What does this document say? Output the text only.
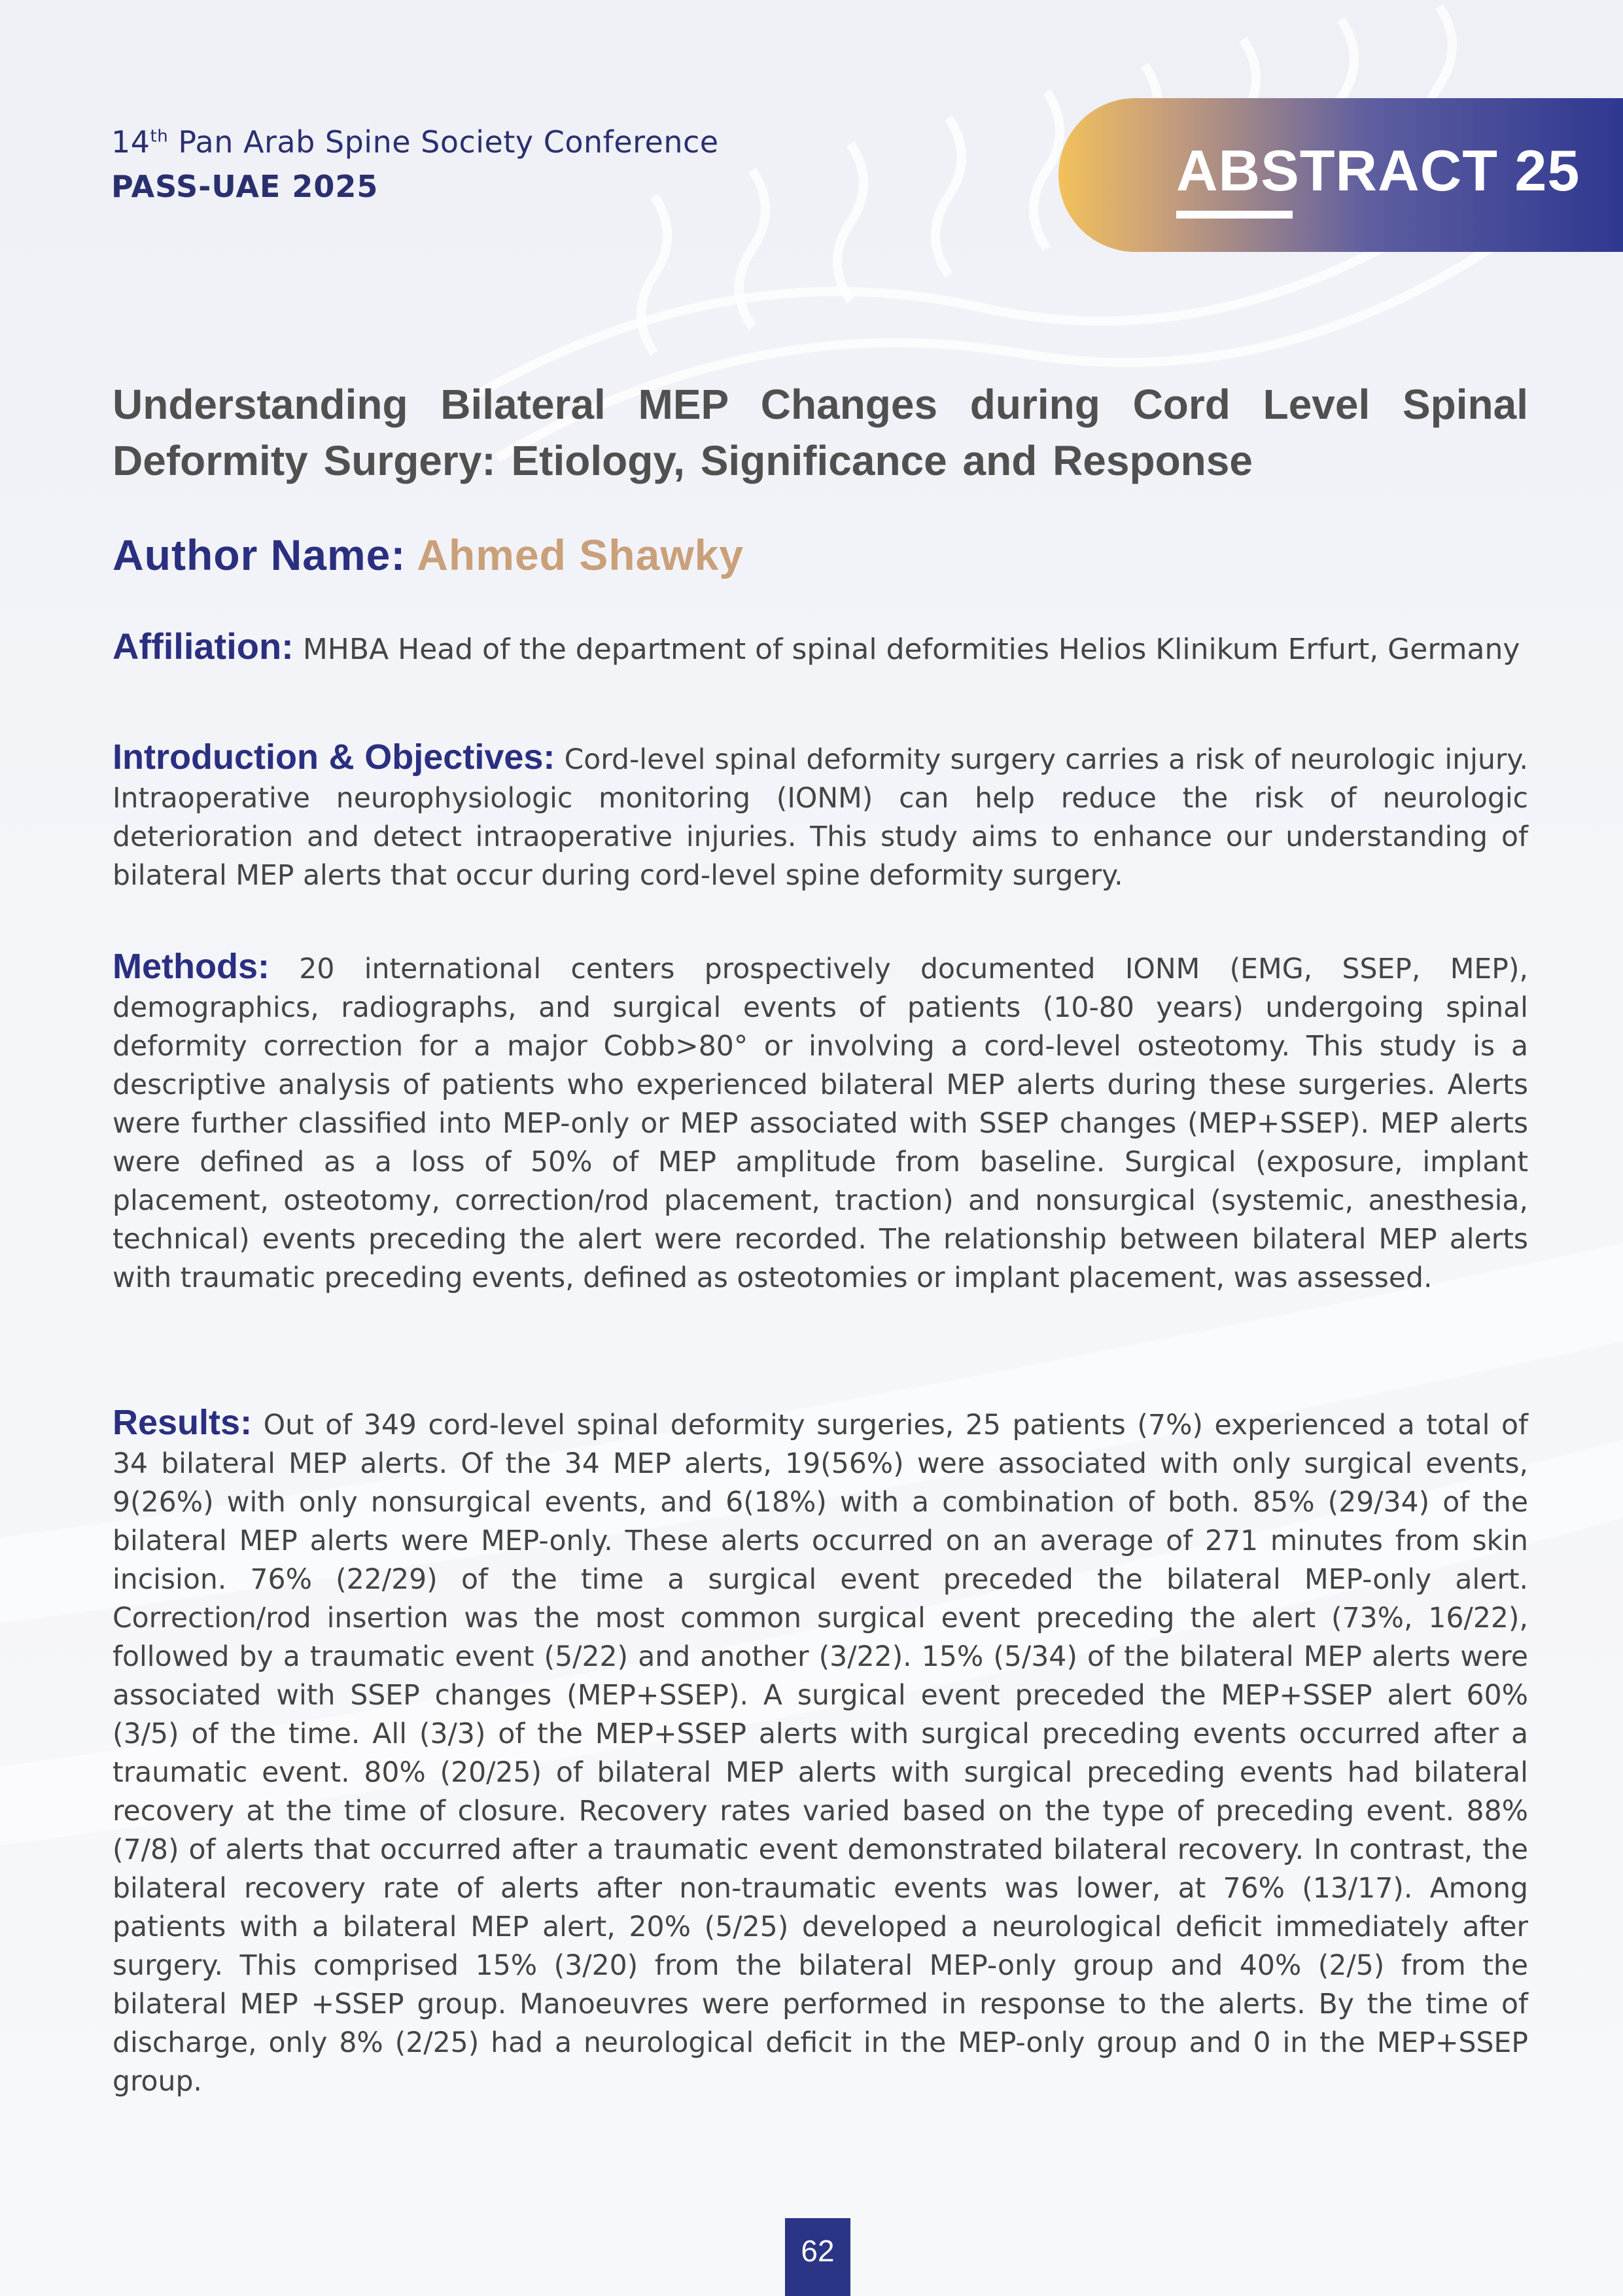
14th Pan Arab Spine Society Conference
PASS-UAE 2025	ABSTRACT 25
Understanding Bilateral MEP Changes during Cord Level Spinal Deformity Surgery: Etiology, Significance and Response
Author Name: Ahmed Shawky
Affiliation: MHBA Head of the department of spinal deformities Helios Klinikum Erfurt, Germany
Introduction & Objectives: Cord-level spinal deformity surgery carries a risk of neurologic injury. Intraoperative neurophysiologic monitoring (IONM) can help reduce the risk of neurologic deterioration and detect intraoperative injuries. This study aims to enhance our understanding of bilateral MEP alerts that occur during cord-level spine deformity surgery.
Methods: 20 international centers prospectively documented IONM (EMG, SSEP, MEP), demographics, radiographs, and surgical events of patients (10-80 years) undergoing spinal deformity correction for a major Cobb>80° or involving a cord-level osteotomy. This study is a descriptive analysis of patients who experienced bilateral MEP alerts during these surgeries. Alerts were further classified into MEP-only or MEP associated with SSEP changes (MEP+SSEP). MEP alerts were defined as a loss of 50% of MEP amplitude from baseline. Surgical (exposure, implant placement, osteotomy, correction/rod placement, traction) and nonsurgical (systemic, anesthesia, technical) events preceding the alert were recorded. The relationship between bilateral MEP alerts with traumatic preceding events, defined as osteotomies or implant placement, was assessed.
Results: Out of 349 cord-level spinal deformity surgeries, 25 patients (7%) experienced a total of 34 bilateral MEP alerts. Of the 34 MEP alerts, 19(56%) were associated with only surgical events, 9(26%) with only nonsurgical events, and 6(18%) with a combination of both. 85% (29/34) of the bilateral MEP alerts were MEP-only. These alerts occurred on an average of 271 minutes from skin incision. 76% (22/29) of the time a surgical event preceded the bilateral MEP-only alert. Correction/rod insertion was the most common surgical event preceding the alert (73%, 16/22), followed by a traumatic event (5/22) and another (3/22). 15% (5/34) of the bilateral MEP alerts were associated with SSEP changes (MEP+SSEP). A surgical event preceded the MEP+SSEP alert 60% (3/5) of the time. All (3/3) of the MEP+SSEP alerts with surgical preceding events occurred after a traumatic event. 80% (20/25) of bilateral MEP alerts with surgical preceding events had bilateral recovery at the time of closure. Recovery rates varied based on the type of preceding event. 88% (7/8) of alerts that occurred after a traumatic event demonstrated bilateral recovery. In contrast, the bilateral recovery rate of alerts after non-traumatic events was lower, at 76% (13/17). Among patients with a bilateral MEP alert, 20% (5/25) developed a neurological deficit immediately after surgery. This comprised 15% (3/20) from the bilateral MEP-only group and 40% (2/5) from the bilateral MEP +SSEP group. Manoeuvres were performed in response to the alerts. By the time of discharge, only 8% (2/25) had a neurological deficit in the MEP-only group and 0 in the MEP+SSEP group.
62
